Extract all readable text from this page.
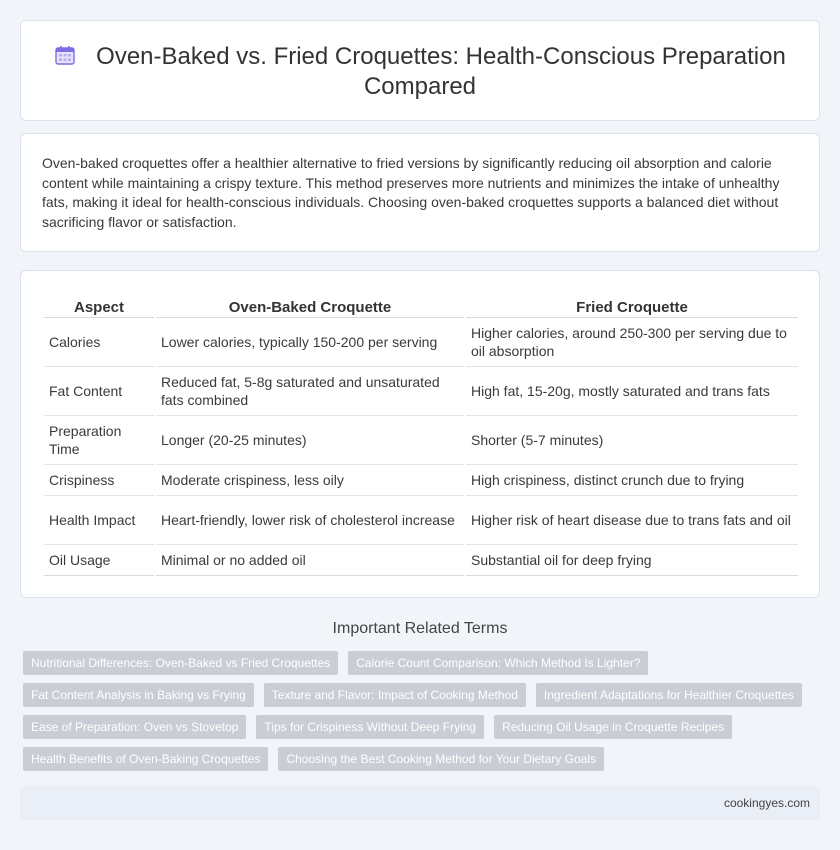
Oven-Baked vs. Fried Croquettes: Health-Conscious Preparation Compared

Oven-baked croquettes offer a healthier alternative to fried versions by significantly reducing oil absorption and calorie content while maintaining a crispy texture. This method preserves more nutrients and minimizes the intake of unhealthy fats, making it ideal for health-conscious individuals. Choosing oven-baked croquettes supports a balanced diet without sacrificing flavor or satisfaction.

Aspect	Oven-Baked Croquette	Fried Croquette
Calories	Lower calories, typically 150-200 per serving	Higher calories, around 250-300 per serving due to oil absorption
Fat Content	Reduced fat, 5-8g saturated and unsaturated fats combined	High fat, 15-20g, mostly saturated and trans fats
Preparation Time	Longer (20-25 minutes)	Shorter (5-7 minutes)
Crispiness	Moderate crispiness, less oily	High crispiness, distinct crunch due to frying
Health Impact	Heart-friendly, lower risk of cholesterol increase	Higher risk of heart disease due to trans fats and oil
Oil Usage	Minimal or no added oil	Substantial oil for deep frying
Important Related Terms
Nutritional Differences: Oven-Baked vs Fried Croquettes Calorie Count Comparison: Which Method Is Lighter?
Fat Content Analysis in Baking vs Frying Texture and Flavor: Impact of Cooking Method Ingredient Adaptations for Healthier Croquettes
Ease of Preparation: Oven vs Stovetop Tips for Crispiness Without Deep Frying Reducing Oil Usage in Croquette Recipes
Health Benefits of Oven-Baking Croquettes Choosing the Best Cooking Method for Your Dietary Goals
cookingyes.com
